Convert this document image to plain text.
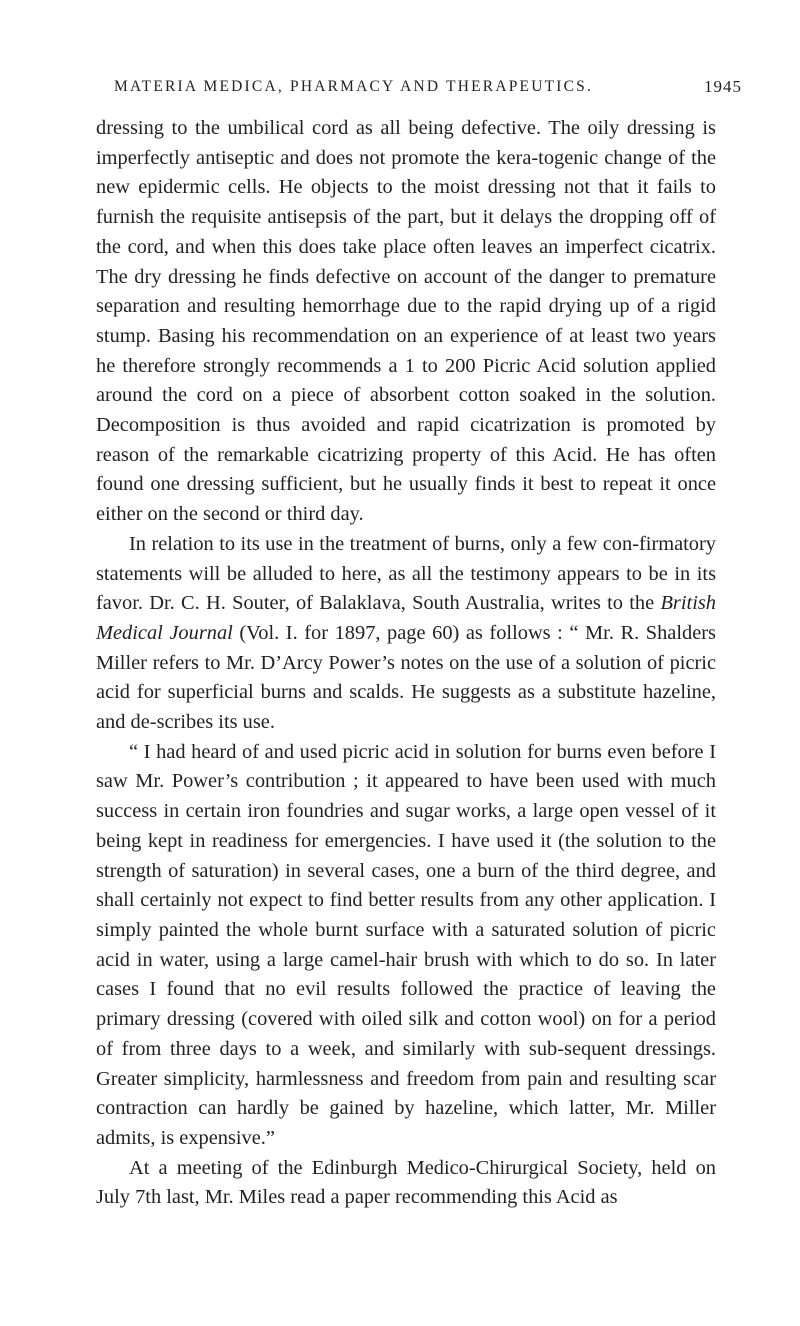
MATERIA MEDICA, PHARMACY AND THERAPEUTICS.	1945

dressing to the umbilical cord as all being defective. The oily dressing is imperfectly antiseptic and does not promote the kera-togenic change of the new epidermic cells. He objects to the moist dressing not that it fails to furnish the requisite antisepsis of the part, but it delays the dropping off of the cord, and when this does take place often leaves an imperfect cicatrix. The dry dressing he finds defective on account of the danger to premature separation and resulting hemorrhage due to the rapid drying up of a rigid stump. Basing his recommendation on an experience of at least two years he therefore strongly recommends a 1 to 200 Picric Acid solution applied around the cord on a piece of absorbent cotton soaked in the solution. Decomposition is thus avoided and rapid cicatrization is promoted by reason of the remarkable cicatrizing property of this Acid. He has often found one dressing sufficient, but he usually finds it best to repeat it once either on the second or third day.

In relation to its use in the treatment of burns, only a few con-firmatory statements will be alluded to here, as all the testimony appears to be in its favor. Dr. C. H. Souter, of Balaklava, South Australia, writes to the British Medical Journal (Vol. I. for 1897, page 60) as follows : “ Mr. R. Shalders Miller refers to Mr. D’Arcy Power’s notes on the use of a solution of picric acid for superficial burns and scalds. He suggests as a substitute hazeline, and de-scribes its use.

“ I had heard of and used picric acid in solution for burns even before I saw Mr. Power’s contribution ; it appeared to have been used with much success in certain iron foundries and sugar works, a large open vessel of it being kept in readiness for emergencies. I have used it (the solution to the strength of saturation) in several cases, one a burn of the third degree, and shall certainly not expect to find better results from any other application. I simply painted the whole burnt surface with a saturated solution of picric acid in water, using a large camel-hair brush with which to do so. In later cases I found that no evil results followed the practice of leaving the primary dressing (covered with oiled silk and cotton wool) on for a period of from three days to a week, and similarly with sub-sequent dressings. Greater simplicity, harmlessness and freedom from pain and resulting scar contraction can hardly be gained by hazeline, which latter, Mr. Miller admits, is expensive.”

At a meeting of the Edinburgh Medico-Chirurgical Society, held on July 7th last, Mr. Miles read a paper recommending this Acid as
